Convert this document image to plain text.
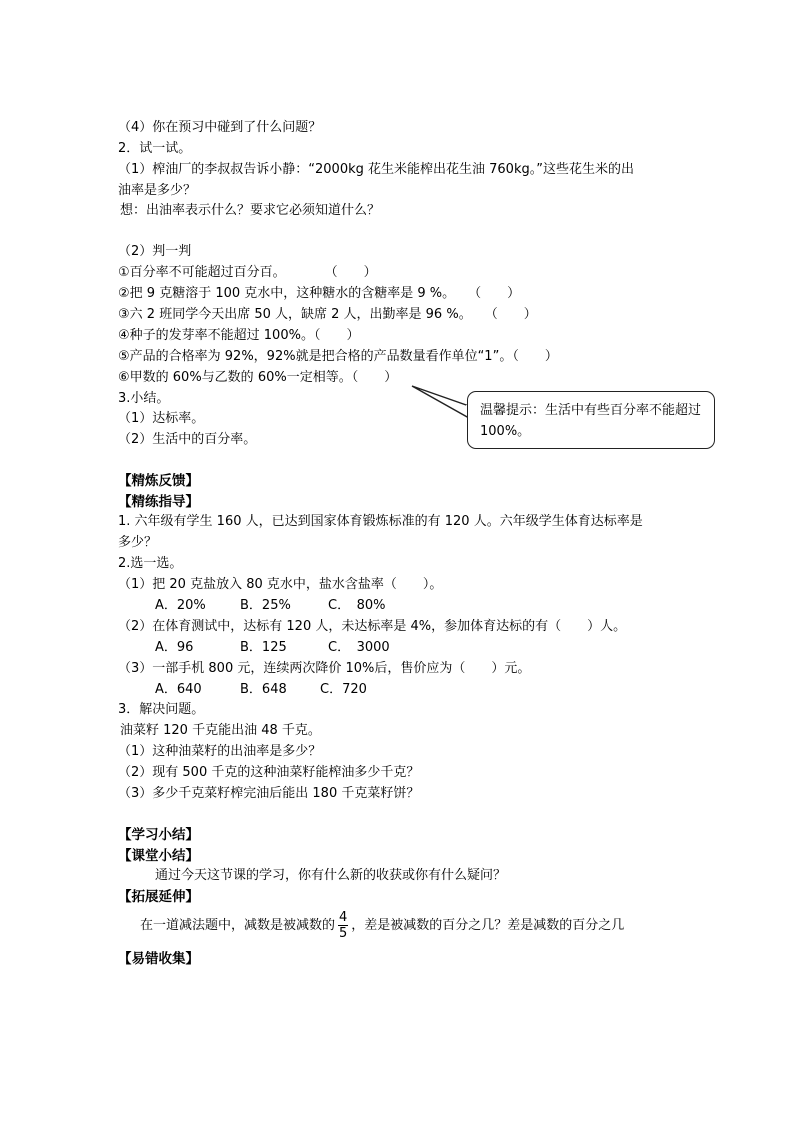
（4）你在预习中碰到了什么问题？
2．试一试。
（1）榨油厂的李叔叔告诉小静：“2000kg 花生米能榨出花生油 760kg。”这些花生米的出
油率是多少？
想：出油率表示什么？要求它必须知道什么？
（2）判一判
①百分率不可能超过百分百。　　　　（　　）
②把 9 克糖溶于 100 克水中，这种糖水的含糖率是 9 %。　　（　　）
③六 2 班同学今天出席 50 人，缺席 2 人，出勤率是 96 %。　　（　　）
④种子的发芽率不能超过 100%。（　　）
⑤产品的合格率为 92%，92%就是把合格的产品数量看作单位“1”。（　　）
⑥甲数的 60%与乙数的 60%一定相等。（　　）
3.小结。
（1）达标率。
（2）生活中的百分率。
温馨提示：生活中有些百分率不能超过 100%。
【精炼反馈】
【精练指导】
1. 六年级有学生 160 人，已达到国家体育锻炼标准的有 120 人。六年级学生体育达标率是
多少？
2.选一选。
（1）把 20 克盐放入 80 克水中，盐水含盐率（　　）。
A．20%	B．25%	C．　80%
（2）在体育测试中，达标有 120 人，未达标率是 4%，参加体育达标的有（　　）人。
A．96	B．125	C．　3000
（3）一部手机 800 元，连续两次降价 10%后，售价应为（　　）元。
A．640	B．648	C．720
3．解决问题。
油菜籽 120 千克能出油 48 千克。
（1）这种油菜籽的出油率是多少？
（2）现有 500 千克的这种油菜籽能榨油多少千克？
（3）多少千克菜籽榨完油后能出 180 千克菜籽饼？
【学习小结】
【课堂小结】
通过今天这节课的学习，你有什么新的收获或你有什么疑问？
【拓展延伸】
在一道减法题中，减数是被减数的 $\frac{4}{5}$ ，差是被减数的百分之几？差是减数的百分之几
【易错收集】
